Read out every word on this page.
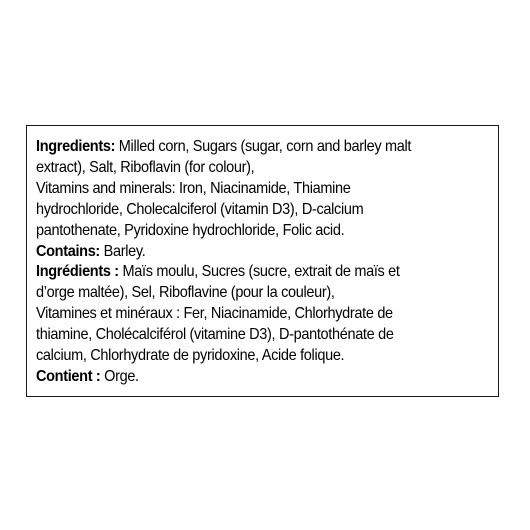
Ingredients: Milled corn, Sugars (sugar, corn and barley malt
extract), Salt, Riboflavin (for colour),
Vitamins and minerals: Iron, Niacinamide, Thiamine
hydrochloride, Cholecalciferol (vitamin D3), D-calcium
pantothenate, Pyridoxine hydrochloride, Folic acid.
Contains: Barley.
Ingrédients : Maïs moulu, Sucres (sucre, extrait de maïs et
d’orge maltée), Sel, Riboflavine (pour la couleur),
Vitamines et minéraux : Fer, Niacinamide, Chlorhydrate de
thiamine, Cholécalciférol (vitamine D3), D-pantothénate de
calcium, Chlorhydrate de pyridoxine, Acide folique.
Contient : Orge.
